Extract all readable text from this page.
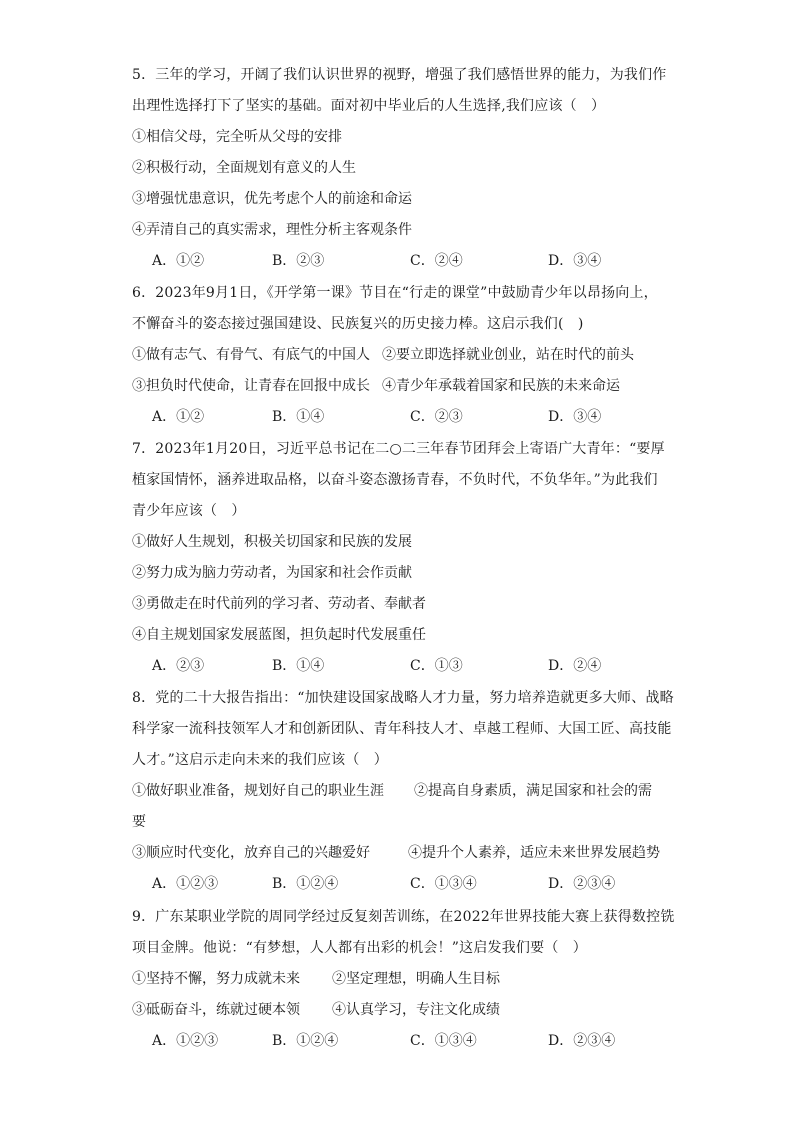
5．三年的学习，开阔了我们认识世界的视野，增强了我们感悟世界的能力，为我们作
出理性选择打下了坚实的基础。面对初中毕业后的人生选择,我们应该（　）
①相信父母，完全听从父母的安排
②积极行动，全面规划有意义的人生
③增强忧患意识，优先考虑个人的前途和命运
④弄清自己的真实需求，理性分析主客观条件
A．①②	B．②③	C．②④	D．③④
6．2023年9月1日，《开学第一课》节目在“行走的课堂”中鼓励青少年以昂扬向上，
不懈奋斗的姿态接过强国建设、民族复兴的历史接力棒。这启示我们(　)
①做有志气、有骨气、有底气的中国人 ②要立即选择就业创业，站在时代的前头
③担负时代使命，让青春在回报中成长 ④青少年承载着国家和民族的未来命运
A．①②	B．①④	C．②③	D．③④
7．2023年1月20日，习近平总书记在二○二三年春节团拜会上寄语广大青年：“要厚
植家国情怀，涵养进取品格，以奋斗姿态激扬青春，不负时代，不负华年。”为此我们
青少年应该（　）
①做好人生规划，积极关切国家和民族的发展
②努力成为脑力劳动者，为国家和社会作贡献
③勇做走在时代前列的学习者、劳动者、奉献者
④自主规划国家发展蓝图，担负起时代发展重任
A．②③	B．①④	C．①③	D．②④
8．党的二十大报告指出：“加快建设国家战略人才力量，努力培养造就更多大师、战略
科学家一流科技领军人才和创新团队、青年科技人才、卓越工程师、大国工匠、高技能
人才。”这启示走向未来的我们应该（　）
①做好职业准备，规划好自己的职业生涯 ②提高自身素质，满足国家和社会的需
要
③顺应时代变化，放弃自己的兴趣爱好	④提升个人素养，适应未来世界发展趋势
A．①②③	B．①②④	C．①③④	D．②③④
9．广东某职业学院的周同学经过反复刻苦训练，在2022年世界技能大赛上获得数控铣
项目金牌。他说：“有梦想，人人都有出彩的机会！”这启发我们要（　）
①坚持不懈，努力成就未来 ②坚定理想，明确人生目标
③砥砺奋斗，练就过硬本领 ④认真学习，专注文化成绩
A．①②③	B．①②④	C．①③④	D．②③④
